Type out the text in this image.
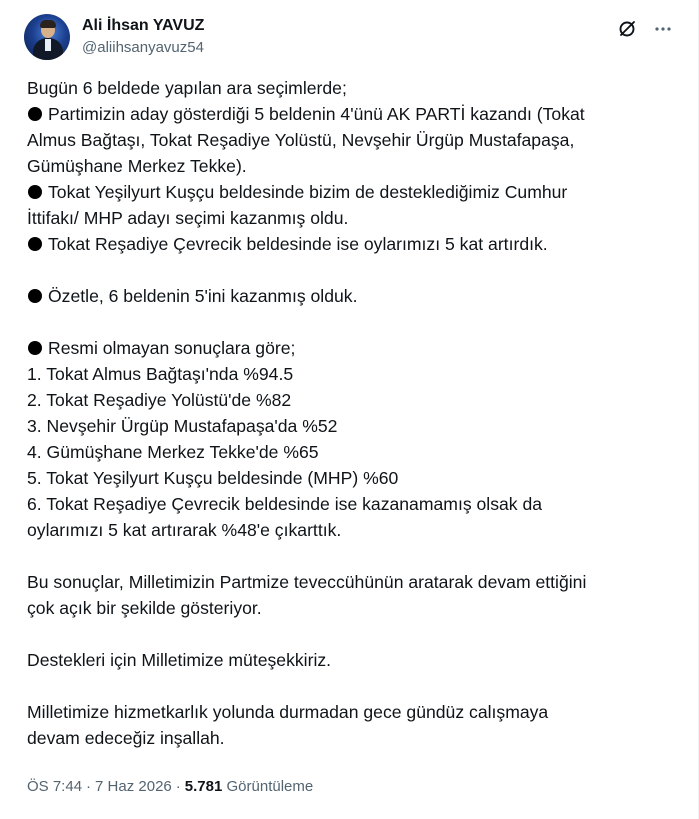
Ali İhsan YAVUZ
@aliihsanyavuz54
Bugün 6 beldede yapılan ara seçimlerde;
Partimizin aday gösterdiği 5 beldenin 4'ünü AK PARTİ kazandı (Tokat
Almus Bağtaşı, Tokat Reşadiye Yolüstü, Nevşehir Ürgüp Mustafapaşa,
Gümüşhane Merkez Tekke).
Tokat Yeşilyurt Kuşçu beldesinde bizim de desteklediğimiz Cumhur
İttifakı/ MHP adayı seçimi kazanmış oldu.
Tokat Reşadiye Çevrecik beldesinde ise oylarımızı 5 kat artırdık.
Özetle, 6 beldenin 5'ini kazanmış olduk.
Resmi olmayan sonuçlara göre;
1. Tokat Almus Bağtaşı'nda %94.5
2. Tokat Reşadiye Yolüstü'de %82
3. Nevşehir Ürgüp Mustafapaşa'da %52
4. Gümüşhane Merkez Tekke'de %65
5. Tokat Yeşilyurt Kuşçu beldesinde (MHP) %60
6. Tokat Reşadiye Çevrecik beldesinde ise kazanamamış olsak da
oylarımızı 5 kat artırarak %48'e çıkarttık.
Bu sonuçlar, Milletimizin Partmize teveccühünün aratarak devam ettiğini
çok açık bir şekilde gösteriyor.
Destekleri için Milletimize müteşekkiriz.
Milletimize hizmetkarlık yolunda durmadan gece gündüz calışmaya
devam edeceğiz inşallah.
ÖS 7:44 · 7 Haz 2026 · 5.781 Görüntüleme
